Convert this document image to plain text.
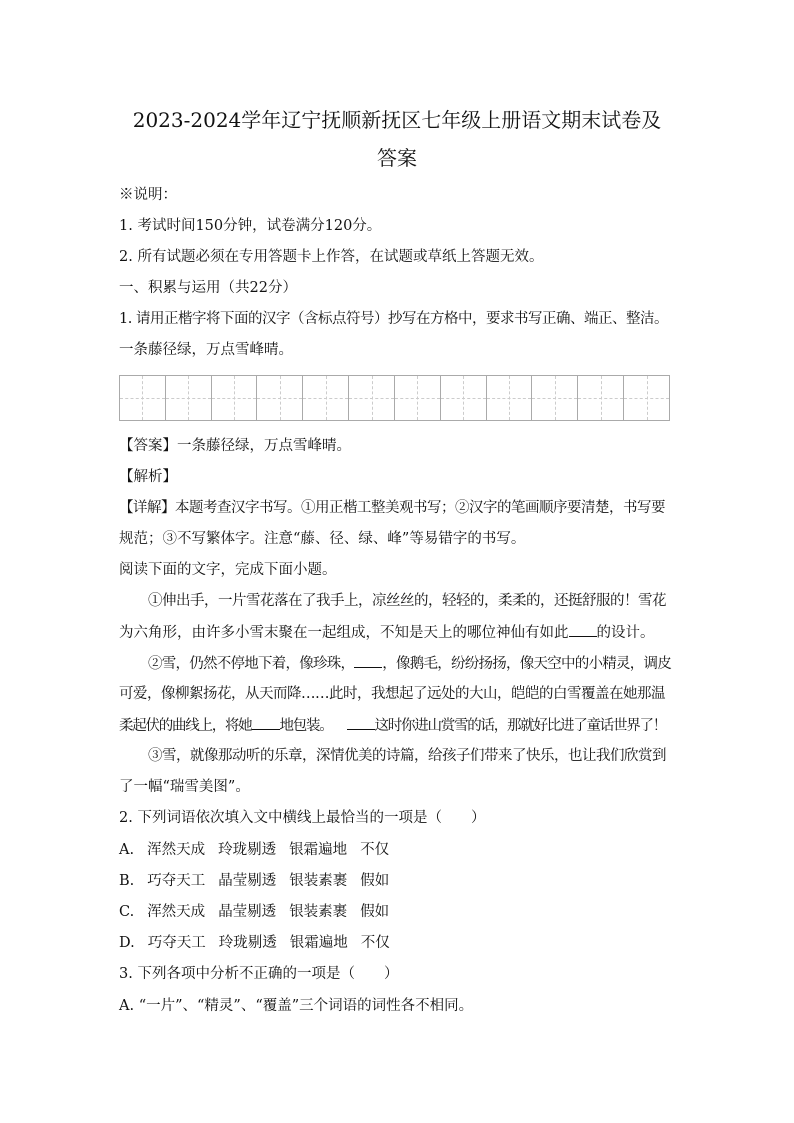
2023-2024学年辽宁抚顺新抚区七年级上册语文期末试卷及
答案
※说明：
1. 考试时间150分钟，试卷满分120分。
2. 所有试题必须在专用答题卡上作答，在试题或草纸上答题无效。
一、积累与运用（共22分）
1. 请用正楷字将下面的汉字（含标点符号）抄写在方格中，要求书写正确、端正、整洁。
一条藤径绿，万点雪峰晴。
【答案】一条藤径绿，万点雪峰晴。
【解析】
【详解】本题考查汉字书写。①用正楷工整美观书写；②汉字的笔画顺序要清楚，书写要
规范；③不写繁体字。注意“藤、径、绿、峰”等易错字的书写。
阅读下面的文字，完成下面小题。
①伸出手，一片雪花落在了我手上，凉丝丝的，轻轻的，柔柔的，还挺舒服的！雪花
为六角形，由许多小雪末聚在一起组成，不知是天上的哪位神仙有如此 的设计。
②雪，仍然不停地下着，像珍珠， ，像鹅毛，纷纷扬扬，像天空中的小精灵，调皮
可爱，像柳絮扬花，从天而降……此时，我想起了远处的大山，皑皑的白雪覆盖在她那温
柔起伏的曲线上，将她 地包装。	这时你进山赏雪的话，那就好比进了童话世界了！
③雪，就像那动听的乐章，深情优美的诗篇，给孩子们带来了快乐，也让我们欣赏到
了一幅“瑞雪美图”。
2. 下列词语依次填入文中横线上最恰当的一项是（　　）
A. 浑然天成 玲珑剔透 银霜遍地 不仅
B. 巧夺天工 晶莹剔透 银装素裹 假如
C. 浑然天成 晶莹剔透 银装素裹 假如
D. 巧夺天工 玲珑剔透 银霜遍地 不仅
3. 下列各项中分析不正确的一项是（　　）
A. “一片”、“精灵”、“覆盖”三个词语的词性各不相同。
